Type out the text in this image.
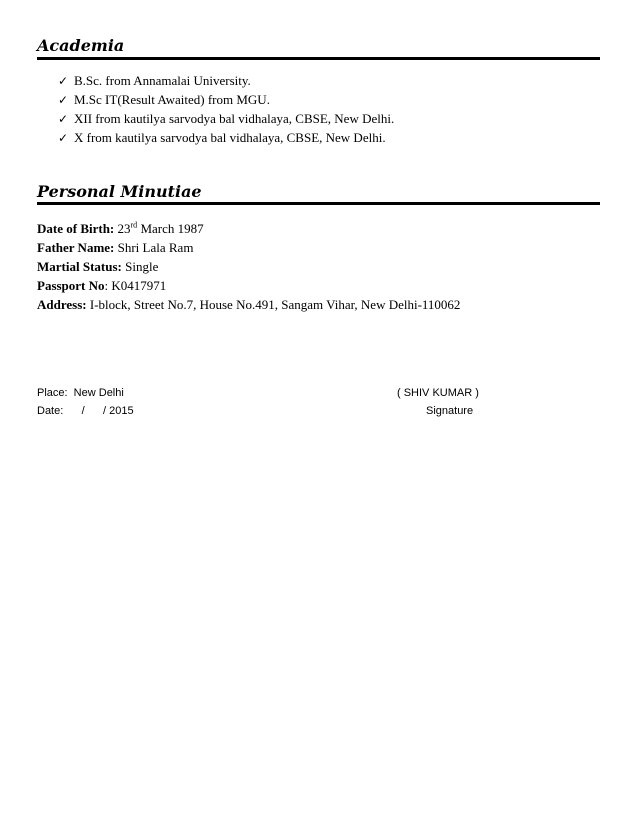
Academia
✓ B.Sc. from Annamalai University.
✓ M.Sc IT(Result Awaited) from MGU.
✓ XII from kautilya sarvodya bal vidhalaya, CBSE, New Delhi.
✓ X from kautilya sarvodya bal vidhalaya, CBSE, New Delhi.
Personal Minutiae
Date of Birth: 23rd March 1987
Father Name: Shri Lala Ram
Martial Status: Single
Passport No: K0417971
Address: I-block, Street No.7, House No.491, Sangam Vihar, New Delhi-110062
Place:  New Delhi
Date:      /      / 2015
( SHIV KUMAR )
Signature
